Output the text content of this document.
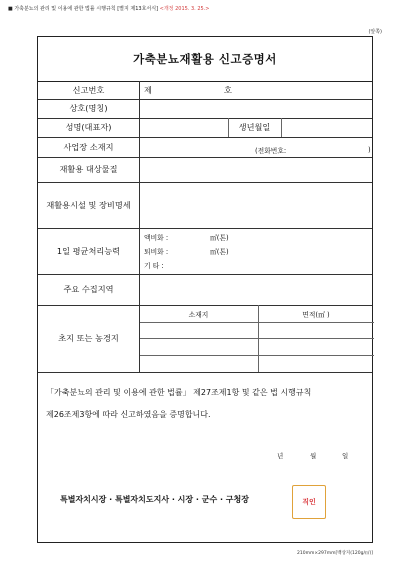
■ 가축분뇨의 관리 및 이용에 관한 법률 시행규칙 [별지 제13호서식] <개정 2015. 3. 25.>
(앞쪽)
가축분뇨재활용 신고증명서
신고번호	제	호
상호(명칭)
성명(대표자)	생년월일
사업장 소재지	(전화번호:	)
재활용 대상물질
재활용시설 및 장비명세
1일 평균처리능력
액비화 :	㎥(톤)
퇴비화 :	㎥(톤)
기 타 :
주요 수집지역
초지 또는 농경지
소재지	면적(㎡ )
「가축분뇨의 관리 및 이용에 관한 법률」 제27조제1항 및 같은 법 시행규칙
제26조제3항에 따라 신고하였음을 증명합니다.
년	월	일
특별자치시장 · 특별자치도지사 · 시장 · 군수 · 구청장	직인
210mm×297mm[백상지(120g/㎡)]
